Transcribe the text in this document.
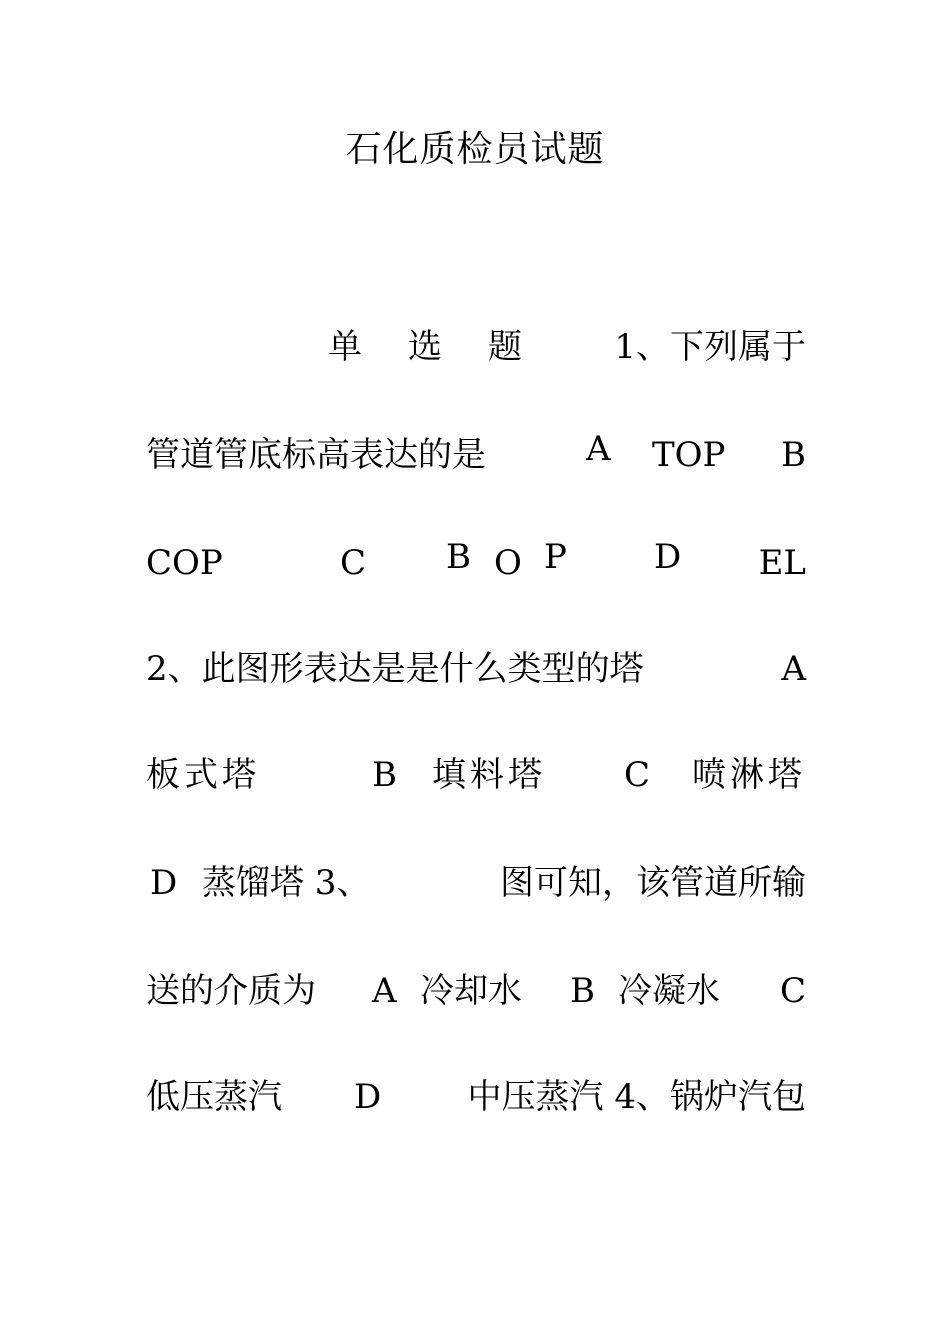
石化质检员试题
单 选 题	1、下列属于
管道管底标高表达的是	A TOP B
COP	C B O P	D EL
2、此图形表达是是什么类型的塔	A
板式塔	B 填料塔 C 喷淋塔
D 蒸馏塔 3、	图可知，该管道所输
送的介质为 A 冷却水 B 冷凝水 C
低压蒸汽 D	中压蒸汽 4、锅炉汽包
